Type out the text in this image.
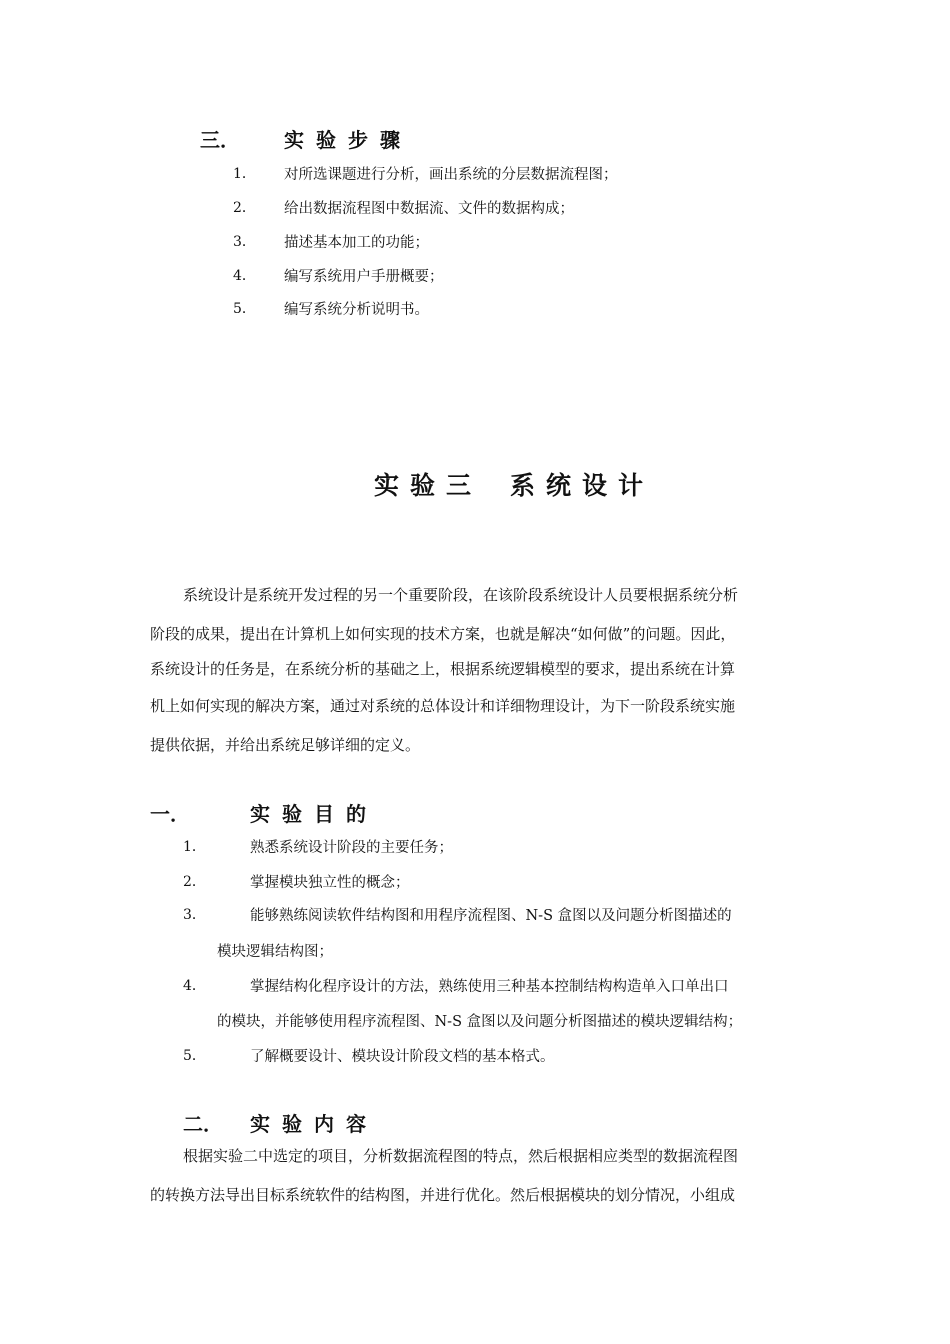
三． 实验步骤
1． 对所选课题进行分析，画出系统的分层数据流程图；
2． 给出数据流程图中数据流、文件的数据构成；
3． 描述基本加工的功能；
4． 编写系统用户手册概要；
5． 编写系统分析说明书。
实验三 系统设计
系统设计是系统开发过程的另一个重要阶段，在该阶段系统设计人员要根据系统分析
阶段的成果，提出在计算机上如何实现的技术方案，也就是解决“如何做”的问题。因此，
系统设计的任务是，在系统分析的基础之上，根据系统逻辑模型的要求，提出系统在计算
机上如何实现的解决方案，通过对系统的总体设计和详细物理设计，为下一阶段系统实施
提供依据，并给出系统足够详细的定义。
一．	实验目的
1．	熟悉系统设计阶段的主要任务；
2．	掌握模块独立性的概念；
3．	能够熟练阅读软件结构图和用程序流程图、N-S 盒图以及问题分析图描述的
模块逻辑结构图；
4．	掌握结构化程序设计的方法，熟练使用三种基本控制结构构造单入口单出口
的模块，并能够使用程序流程图、N-S 盒图以及问题分析图描述的模块逻辑结构；
5．	了解概要设计、模块设计阶段文档的基本格式。
二． 实验内容
根据实验二中选定的项目，分析数据流程图的特点，然后根据相应类型的数据流程图
的转换方法导出目标系统软件的结构图，并进行优化。然后根据模块的划分情况，小组成
